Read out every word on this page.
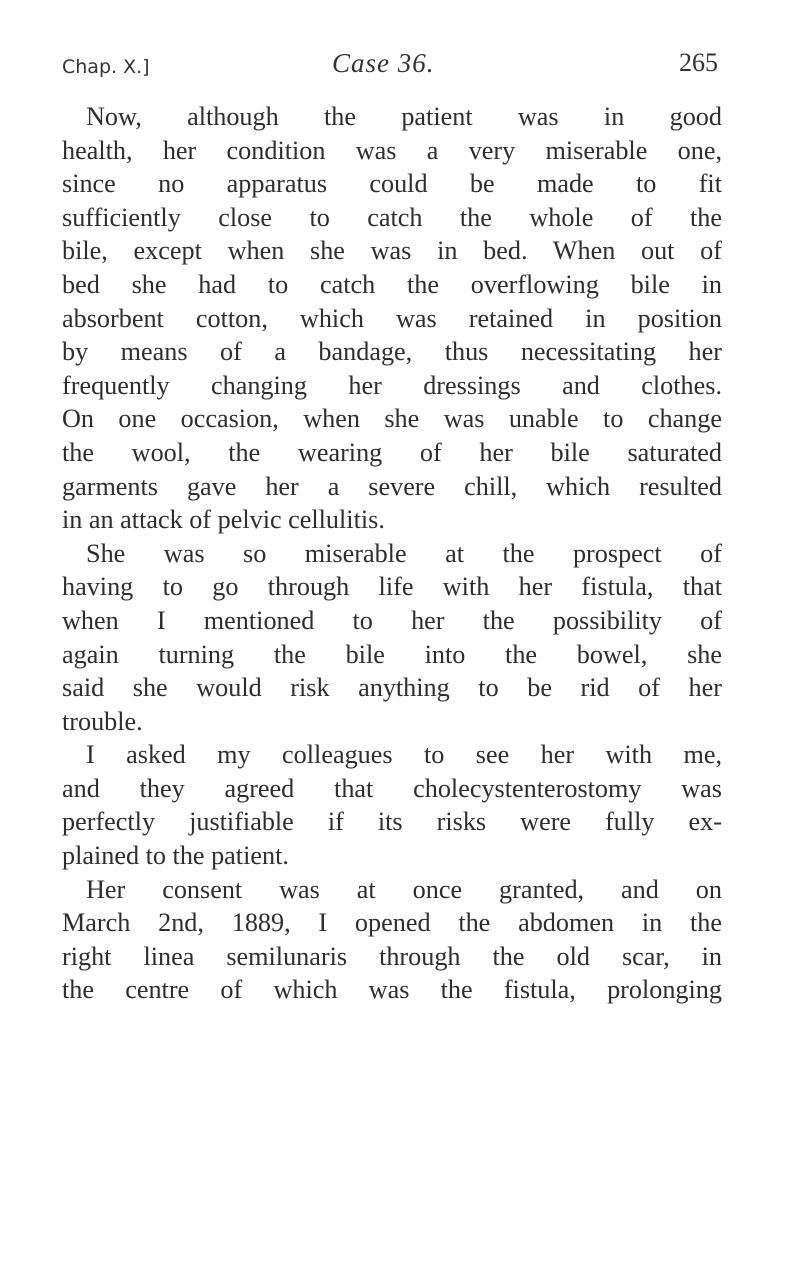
Chap. X.]	Case 36.	265
Now, although the patient was in good
health, her condition was a very miserable one,
since no apparatus could be made to fit
sufficiently close to catch the whole of the
bile, except when she was in bed. When out of
bed she had to catch the overflowing bile in
absorbent cotton, which was retained in position
by means of a bandage, thus necessitating her
frequently changing her dressings and clothes.
On one occasion, when she was unable to change
the wool, the wearing of her bile saturated
garments gave her a severe chill, which resulted
in an attack of pelvic cellulitis.
She was so miserable at the prospect of
having to go through life with her fistula, that
when I mentioned to her the possibility of
again turning the bile into the bowel, she
said she would risk anything to be rid of her
trouble.
I asked my colleagues to see her with me,
and they agreed that cholecystenterostomy was
perfectly justifiable if its risks were fully ex-
plained to the patient.
Her consent was at once granted, and on
March 2nd, 1889, I opened the abdomen in the
right linea semilunaris through the old scar, in
the centre of which was the fistula, prolonging
